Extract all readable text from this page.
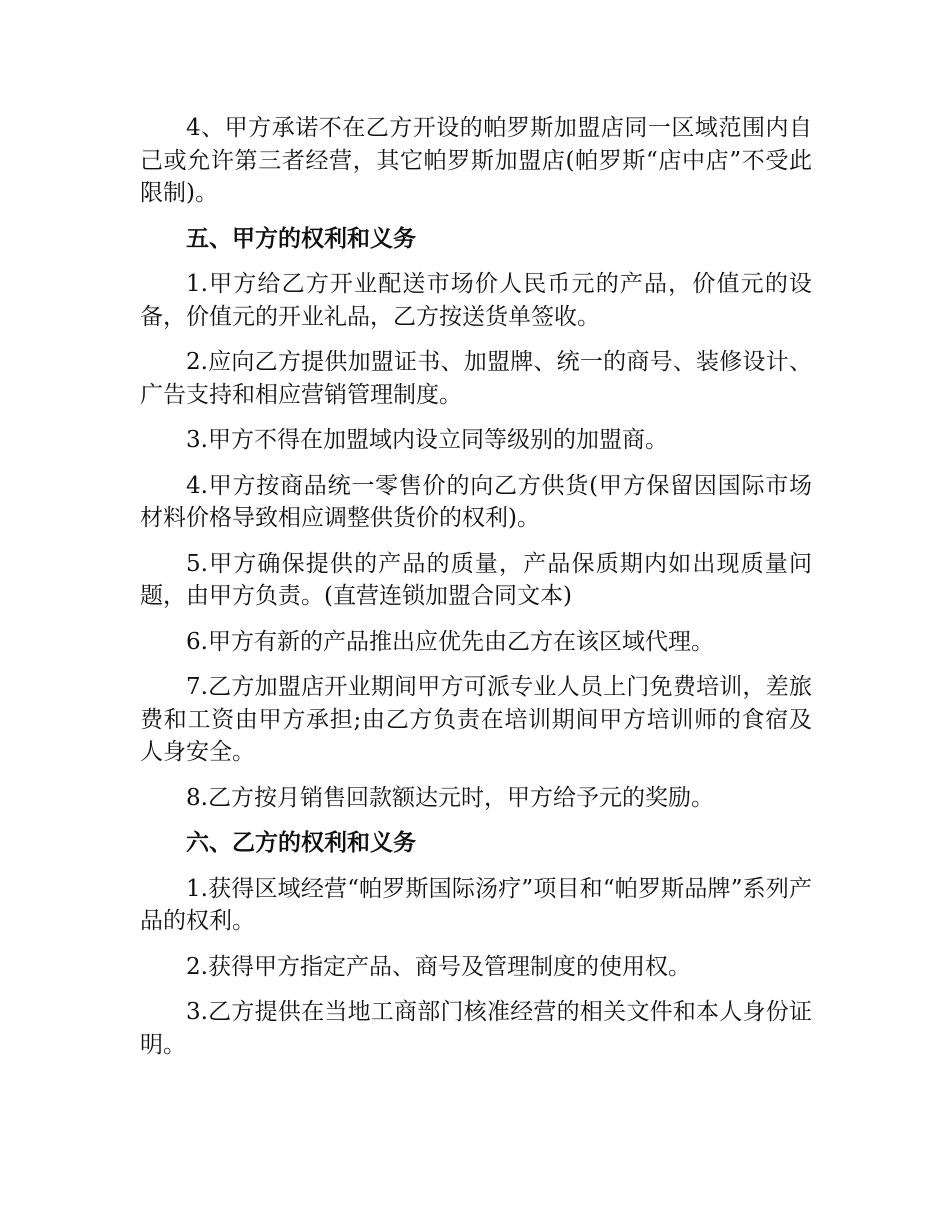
4、甲方承诺不在乙方开设的帕罗斯加盟店同一区域范围内自己或允许第三者经营，其它帕罗斯加盟店(帕罗斯“店中店”不受此限制)。

五、甲方的权利和义务

1.甲方给乙方开业配送市场价人民币元的产品，价值元的设备，价值元的开业礼品，乙方按送货单签收。

2.应向乙方提供加盟证书、加盟牌、统一的商号、装修设计、广告支持和相应营销管理制度。

3.甲方不得在加盟域内设立同等级别的加盟商。

4.甲方按商品统一零售价的向乙方供货(甲方保留因国际市场材料价格导致相应调整供货价的权利)。

5.甲方确保提供的产品的质量，产品保质期内如出现质量问题，由甲方负责。(直营连锁加盟合同文本)

6.甲方有新的产品推出应优先由乙方在该区域代理。

7.乙方加盟店开业期间甲方可派专业人员上门免费培训，差旅费和工资由甲方承担;由乙方负责在培训期间甲方培训师的食宿及人身安全。

8.乙方按月销售回款额达元时，甲方给予元的奖励。

六、乙方的权利和义务

1.获得区域经营“帕罗斯国际汤疗”项目和“帕罗斯品牌”系列产品的权利。

2.获得甲方指定产品、商号及管理制度的使用权。

3.乙方提供在当地工商部门核准经营的相关文件和本人身份证明。
